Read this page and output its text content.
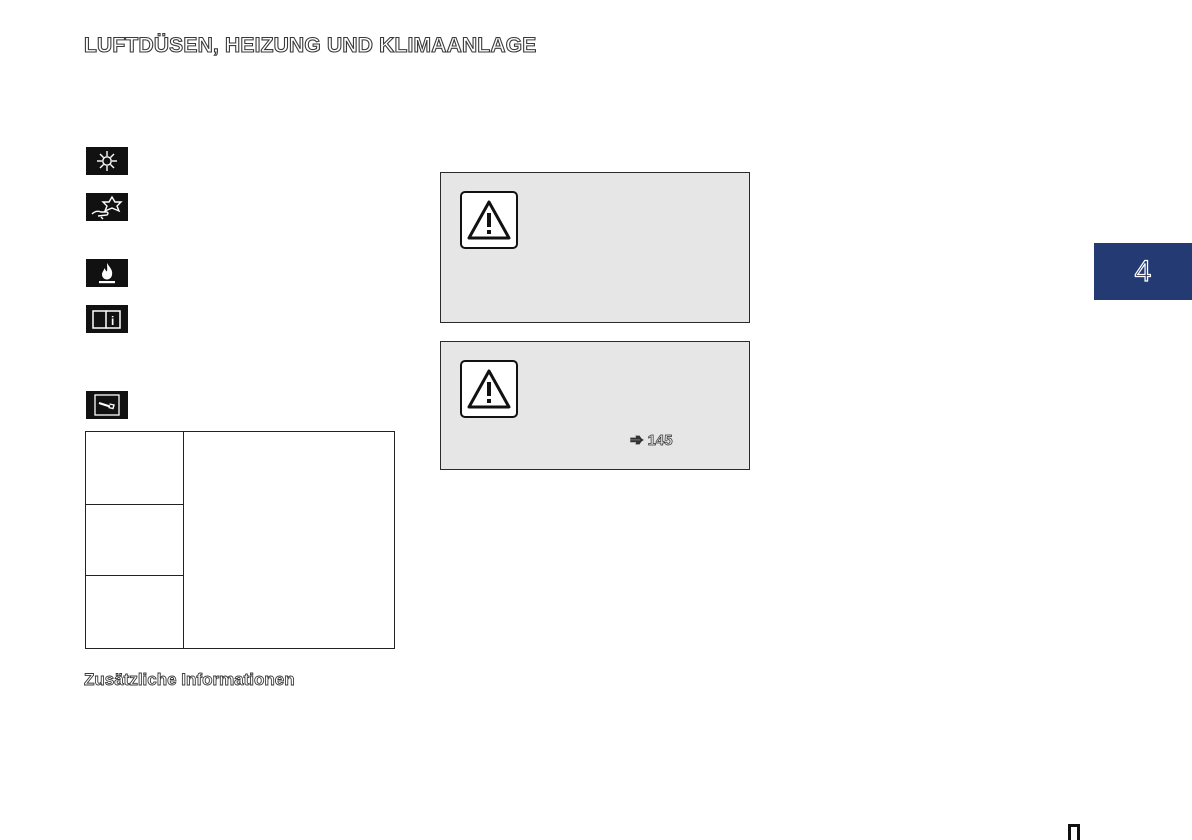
LUFTDÜSEN, HEIZUNG UND KLIMAANLAGE
i
Zusätzliche Informationen
➾ 145
4
